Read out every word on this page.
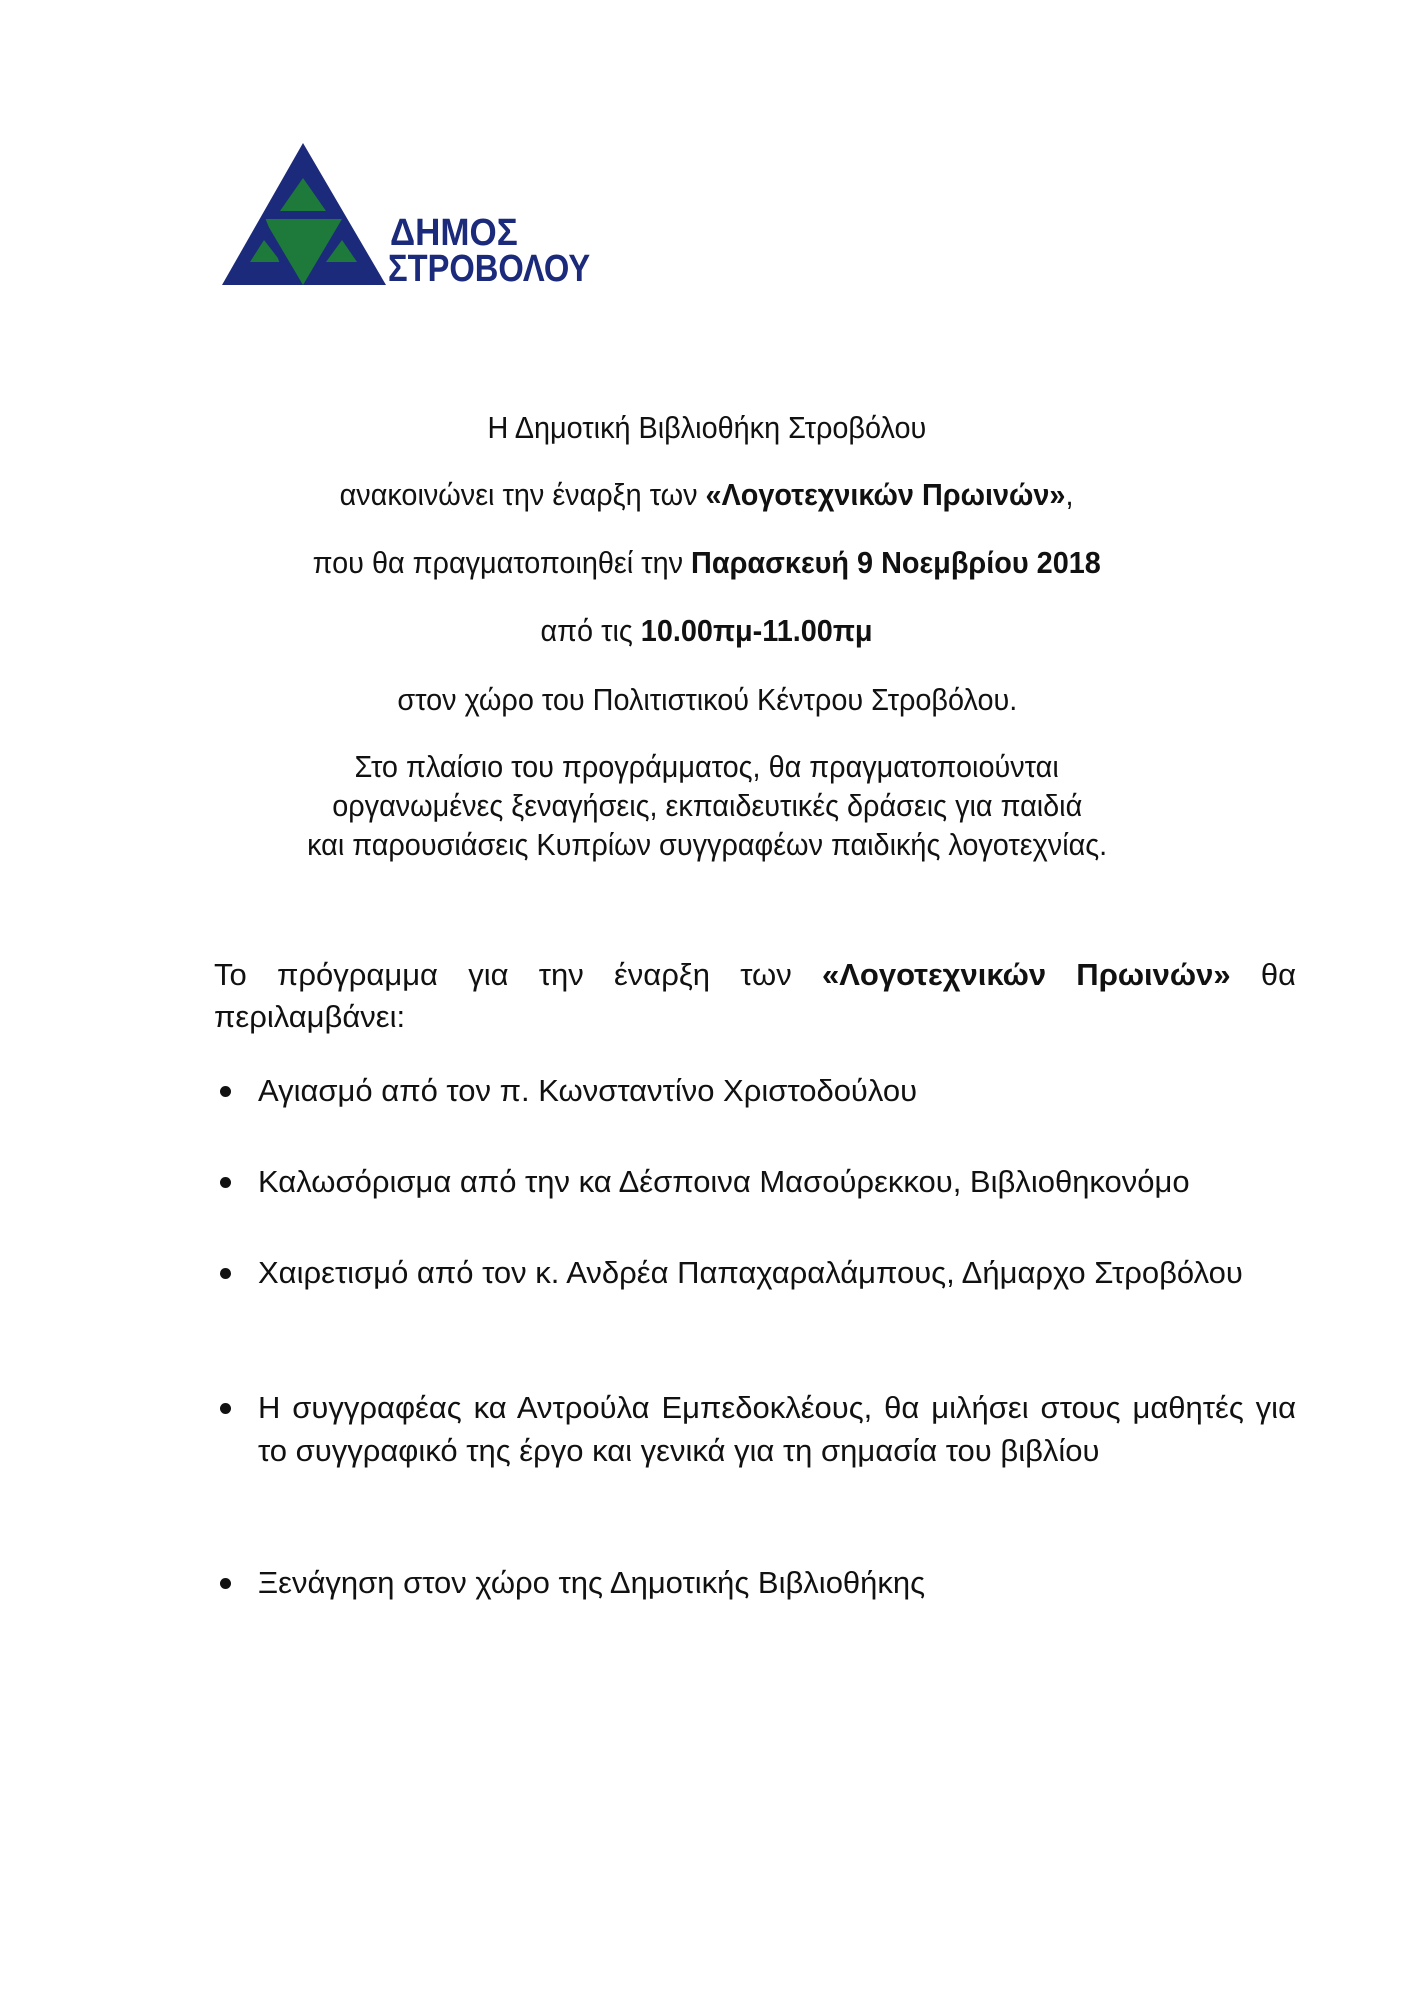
ΔΗΜΟΣ
ΣΤΡΟΒΟΛΟΥ
Η Δημοτική Βιβλιοθήκη Στροβόλου
ανακοινώνει την έναρξη των «Λογοτεχνικών Πρωινών»,
που θα πραγματοποιηθεί την Παρασκευή 9 Νοεμβρίου 2018
από τις 10.00πμ-11.00πμ
στον χώρο του Πολιτιστικού Κέντρου Στροβόλου.
Στο πλαίσιο του προγράμματος, θα πραγματοποιούνται
οργανωμένες ξεναγήσεις, εκπαιδευτικές δράσεις για παιδιά
και παρουσιάσεις Κυπρίων συγγραφέων παιδικής λογοτεχνίας.
Το πρόγραμμα για την έναρξη των «Λογοτεχνικών Πρωινών» θα περιλαμβάνει:
Αγιασμό από τον π. Κωνσταντίνο Χριστοδούλου
Καλωσόρισμα από την κα Δέσποινα Μασούρεκκου, Βιβλιοθηκονόμο
Χαιρετισμό από τον κ. Ανδρέα Παπαχαραλάμπους, Δήμαρχο Στροβόλου
Η συγγραφέας κα Αντρούλα Εμπεδοκλέους, θα μιλήσει στους μαθητές για το συγγραφικό της έργο και γενικά για τη σημασία του βιβλίου
Ξενάγηση στον χώρο της Δημοτικής Βιβλιοθήκης
